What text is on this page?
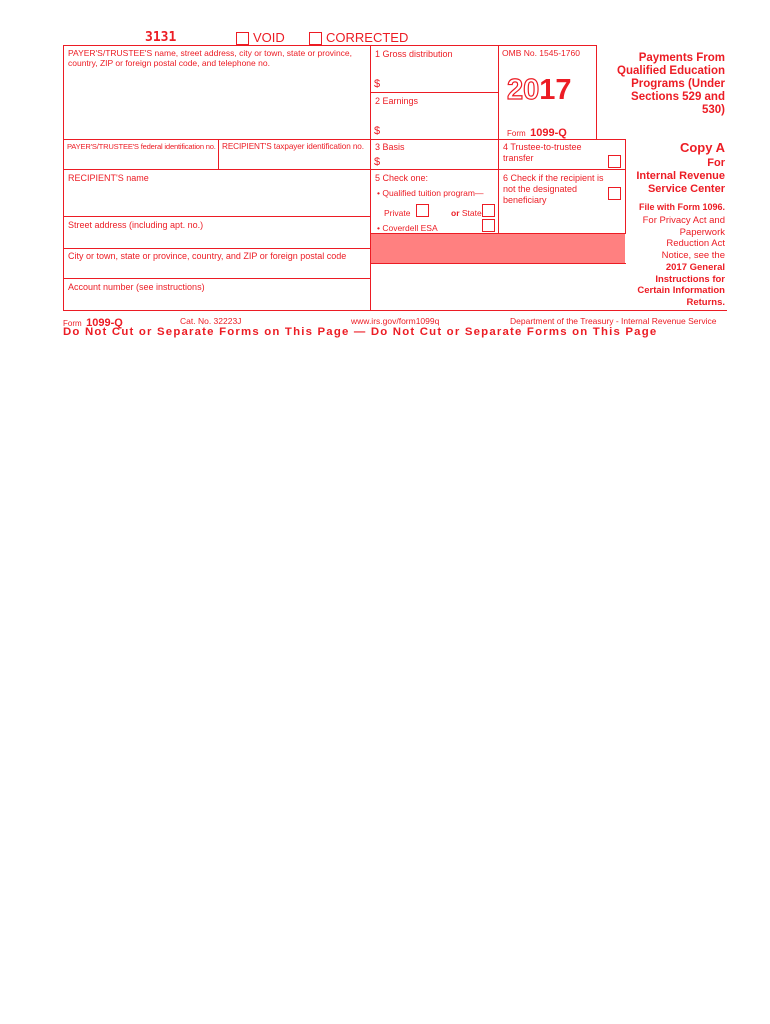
3131	VOID	CORRECTED
PAYER'S/TRUSTEE'S name, street address, city or town, state or province, country, ZIP or foreign postal code, and telephone no.
PAYER'S/TRUSTEE'S federal identification no. RECIPIENT'S taxpayer identification no.
RECIPIENT'S name
Street address (including apt. no.)
City or town, state or province, country, and ZIP or foreign postal code
Account number (see instructions)
1 Gross distribution
$
2 Earnings
$
3 Basis
$
4 Trustee-to-trustee transfer
5 Check one:
• Qualified tuition program—
Private	or State
• Coverdell ESA
6 Check if the recipient is not the designated beneficiary
OMB No. 1545-1760
2017
Form 1099-Q
Payments From Qualified Education Programs (Under Sections 529 and 530)
Copy A
For
Internal Revenue Service Center
File with Form 1096.
For Privacy Act and Paperwork Reduction Act Notice, see the
2017 General Instructions for Certain Information Returns.
Form 1099-Q	Cat. No. 32223J	www.irs.gov/form1099q	Department of the Treasury - Internal Revenue Service
Do Not Cut or Separate Forms on This Page — Do Not Cut or Separate Forms on This Page
